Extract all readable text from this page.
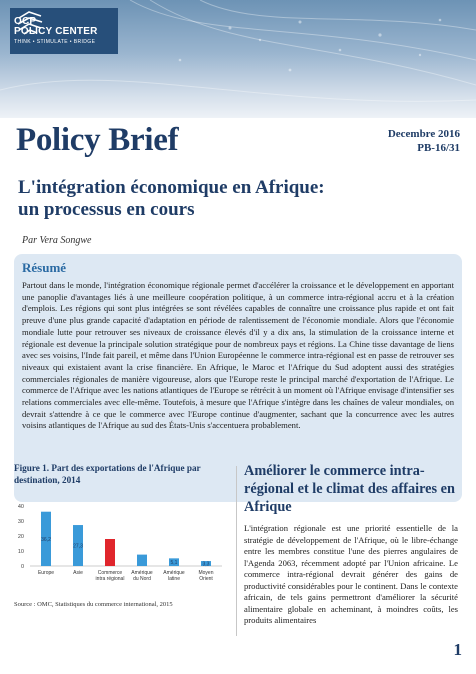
OCP
POLICY CENTER
THINK • STIMULATE • BRIDGE
Policy Brief	Decembre 2016
PB-16/31
L'intégration économique en Afrique:
un processus en cours
Par Vera Songwe
Résumé

Partout dans le monde, l'intégration économique régionale permet d'accélérer la croissance et le développement en apportant une panoplie d'avantages liés à une meilleure coopération politique, à un commerce intra-régional accru et à la création d'emplois. Les régions qui sont plus intégrées se sont révélées capables de connaître une croissance plus rapide et ont fait preuve d'une plus grande capacité d'adaptation en période de ralentissement de l'économie mondiale. Alors que l'économie mondiale lutte pour retrouver ses niveaux de croissance élevés d'il y a dix ans, la stimulation de la croissance interne et régionale est devenue la principale solution stratégique pour de nombreux pays et régions. La Chine tisse davantage de liens avec ses voisins, l'Inde fait pareil, et même dans l'Union Européenne le commerce intra-régional est en passe de retrouver ses niveaux qui existaient avant la crise financière. En Afrique, le Maroc et l'Afrique du Sud adoptent aussi des stratégies commerciales régionales de manière vigoureuse, alors que l'Europe reste le principal marché d'exportation de l'Afrique. Le commerce de l'Afrique avec les nations atlantiques de l'Europe se rétrécit à un moment où l'Afrique envisage d'intensifier ses relations commerciales avec elle-même. Toutefois, à mesure que l'Afrique s'intègre dans les chaînes de valeur mondiales, on devrait s'attendre à ce que le commerce avec l'Europe continue d'augmenter, sachant que la concurrence avec les autres voisins atlantiques de l'Afrique au sud des États-Unis s'accentuera probablement.

Figure 1. Part des exportations de l'Afrique par destination, 2014

0
10
20
30
40
36,2
Europe
27,3
Asie	Commerce
intra régional
Amérique
du Nord
5,1
Amérique
latine
3,3
Moyen
Orient
Source : OMC, Statistiques du commerce international, 2015
Améliorer le commerce intra-régional et le climat des affaires en Afrique

L'intégration régionale est une priorité essentielle de la stratégie de développement de l'Afrique, où le libre-échange entre les membres constitue l'une des pierres angulaires de l'Agenda 2063, récemment adopté par l'Union africaine. Le commerce intra-régional devrait générer des gains de productivité considérables pour le continent. Dans le contexte africain, de tels gains permettront d'améliorer la sécurité alimentaire globale en acheminant, à moindres coûts, les produits alimentaires

1
